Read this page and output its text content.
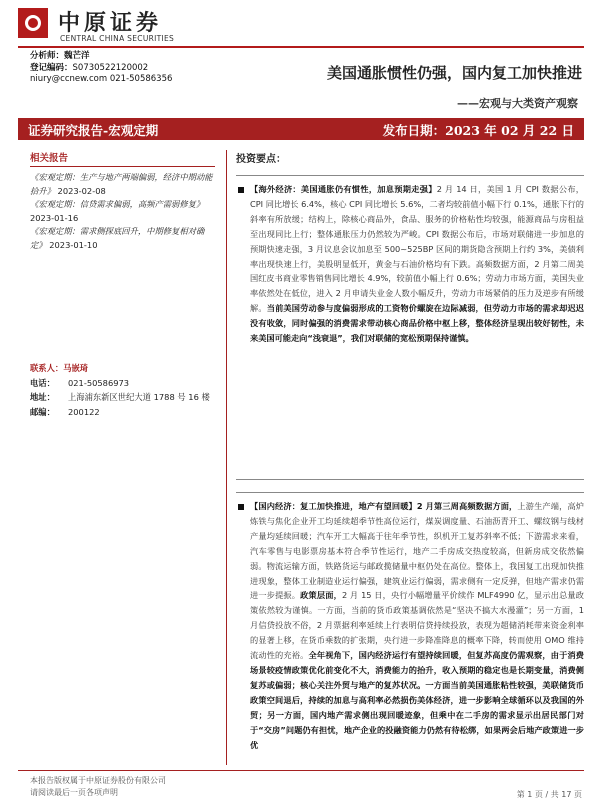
中原证券
CENTRAL CHINA SECURITIES
分析师：魏芒洋
登记编码：S0730522120002
niury@ccnew.com 021-50586356	美国通胀惯性仍强，国内复工加快推进
——宏观与大类资产观察
证券研究报告-宏观定期	发布日期：2023 年 02 月 22 日
相关报告
《宏观定期：生产与地产两端偏弱，经济中期动能拾升》 2023-02-08
《宏观定期：信贷需求偏弱，高频产需弱修复》
2023-01-16
《宏观定期：需求侧探底回升，中期修复相对确定》 2023-01-10
联系人：马嵌琦
电话： 021-50586973
地址： 上海浦东新区世纪大道 1788 号 16 楼
邮编： 200122
投资要点：
【海外经济：美国通胀仍有惯性，加息预期走强】2 月 14 日，美国 1 月 CPI 数据公布，CPI 同比增长 6.4%，核心 CPI 同比增长 5.6%，二者均较前值小幅下行 0.1%，通胀下行的斜率有所放缓；结构上，除核心商品外，食品、服务的价格粘性均较强，能源商品与房租益至出现同比上行；整体通胀压力仍然较为严峻。CPI 数据公布后，市场对联储进一步加息的预期快速走强，3 月议息会议加息至 500~525BP 区间的期货隐含预期上行约 3%，美债利率出现快速上行，美股明显低开，黄金与石油价格均有下跌。高频数据方面，2 月第二周美国红皮书商业零售销售同比增长 4.9%，较前值小幅上行 0.6%；劳动力市场方面，美国失业率依然处在低位，进入 2 月申请失业金人数小幅反升，劳动力市场紧俏的压力及逆步有所缓解。当前美国劳动参与度偏弱形成的工资物价螺旋在边际减弱，但劳动力市场的需求却迟迟没有收敛，同时偏强的消费需求带动核心商品价格中枢上移，整体经济呈现出较好韧性，未来美国可能走向“浅衰退”，我们对联储的宽松预期保持谨慎。
【国内经济：复工加快推进，地产有望回暖】2 月第三周高频数据方面，上游生产端，高炉炼铁与焦化企业开工均延续超季节性高位运行，煤炭调度量、石油沥青开工、螺纹钢与线材产量均延续回暖；汽车开工大幅高于往年季节性，织机开工复苏斜率不低；下游需求来看，汽车零售与电影票房基本符合季节性运行，地产二手房成交热度较高，但新房成交依然偏弱。物流运输方面，铁路货运与邮政揽储量中枢仍处在高位。整体上，我国复工出现加快推进现象，整体工业制造业运行偏强，建筑业运行偏弱，需求侧有一定反弹，但地产需求仍需进一步提振。政策层面，2 月 15 日，央行小幅增量平价续作 MLF4990 亿，显示出总量政策依然较为谨慎。一方面，当前的货币政策基调依然是“坚决不搞大水漫灌”；另一方面，1 月信贷投放不俗，2 月票据利率延续上行表明信贷持续投放，表现为超储消耗带来资金利率的显著上移，在货币乘数的扩张期，央行进一步降准降息的概率下降，转而使用 OMO 维持流动性的充裕。全年视角下，国内经济运行有望持续回暖，但复苏高度仍需观察，由于消费场景较疫情政策优化前变化不大，消费能力的抬升，收入预期的稳定也是长期变量，消费侧复苏或偏弱；核心关注外贸与地产的复苏状况。一方面当前美国通胀粘性较强，美联储货币政策空间退后，持续的加息与高利率必然损伤美体经济，进一步影响全球循环以及我国的外贸；另一方面，国内地产需求侧出现回暖迹象，但乘中在二手房的需求显示出居民部门对于“交房”问题仍有担忧，地产企业的投融资能力仍然有待松绑，如果两会后地产政策进一步优
本报告版权属于中原证券股份有限公司
请阅读最后一页各项声明	第 1 页 / 共 17 页
